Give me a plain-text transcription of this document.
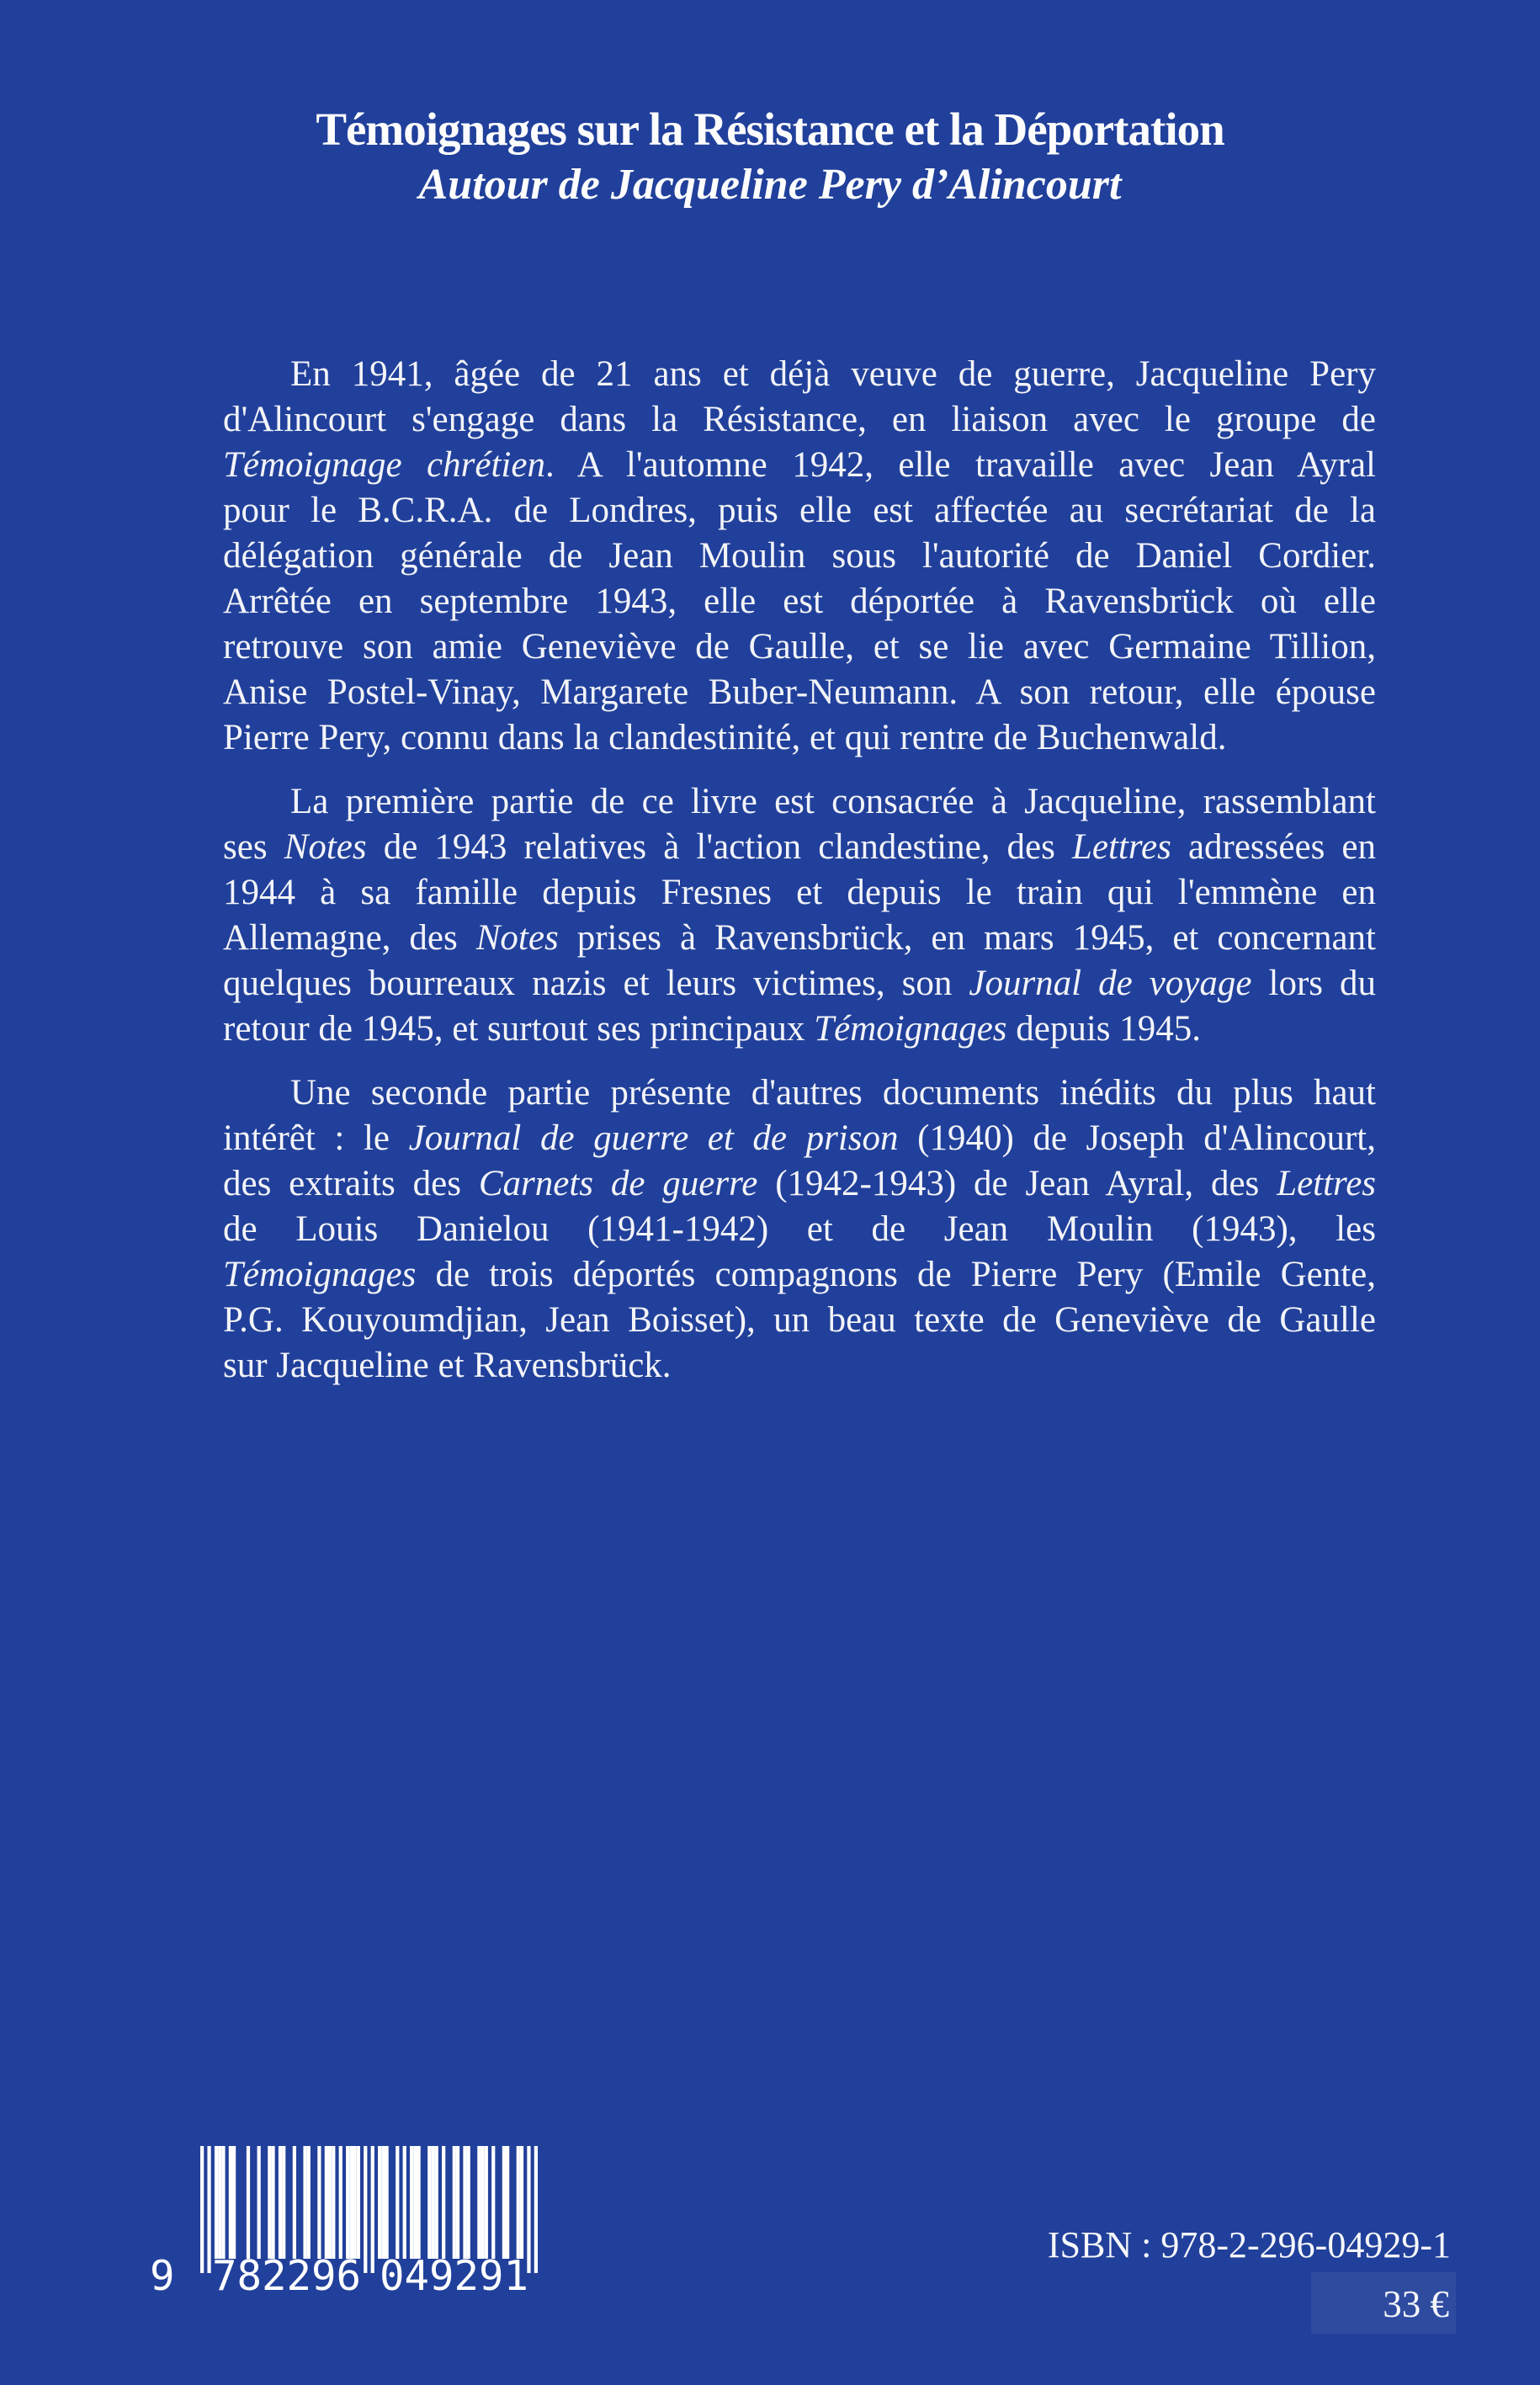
Témoignages sur la Résistance et la Déportation
Autour de Jacqueline Pery d’Alincourt
En 1941, âgée de 21 ans et déjà veuve de guerre, Jacqueline Pery
d'Alincourt s'engage dans la Résistance, en liaison avec le groupe de
Témoignage chrétien. A l'automne 1942, elle travaille avec Jean Ayral
pour le B.C.R.A. de Londres, puis elle est affectée au secrétariat de la
délégation générale de Jean Moulin sous l'autorité de Daniel Cordier.
Arrêtée en septembre 1943, elle est déportée à Ravensbrück où elle
retrouve son amie Geneviève de Gaulle, et se lie avec Germaine Tillion,
Anise Postel-Vinay, Margarete Buber-Neumann. A son retour, elle épouse
Pierre Pery, connu dans la clandestinité, et qui rentre de Buchenwald.
La première partie de ce livre est consacrée à Jacqueline, rassemblant
ses Notes de 1943 relatives à l'action clandestine, des Lettres adressées en
1944 à sa famille depuis Fresnes et depuis le train qui l'emmène en
Allemagne, des Notes prises à Ravensbrück, en mars 1945, et concernant
quelques bourreaux nazis et leurs victimes, son Journal de voyage lors du
retour de 1945, et surtout ses principaux Témoignages depuis 1945.
Une seconde partie présente d'autres documents inédits du plus haut
intérêt : le Journal de guerre et de prison (1940) de Joseph d'Alincourt,
des extraits des Carnets de guerre (1942-1943) de Jean Ayral, des Lettres
de Louis Danielou (1941-1942) et de Jean Moulin (1943), les
Témoignages de trois déportés compagnons de Pierre Pery (Emile Gente,
P.G. Kouyoumdjian, Jean Boisset), un beau texte de Geneviève de Gaulle
sur Jacqueline et Ravensbrück.
9 782296 049291
ISBN : 978-2-296-04929-1
33 €
